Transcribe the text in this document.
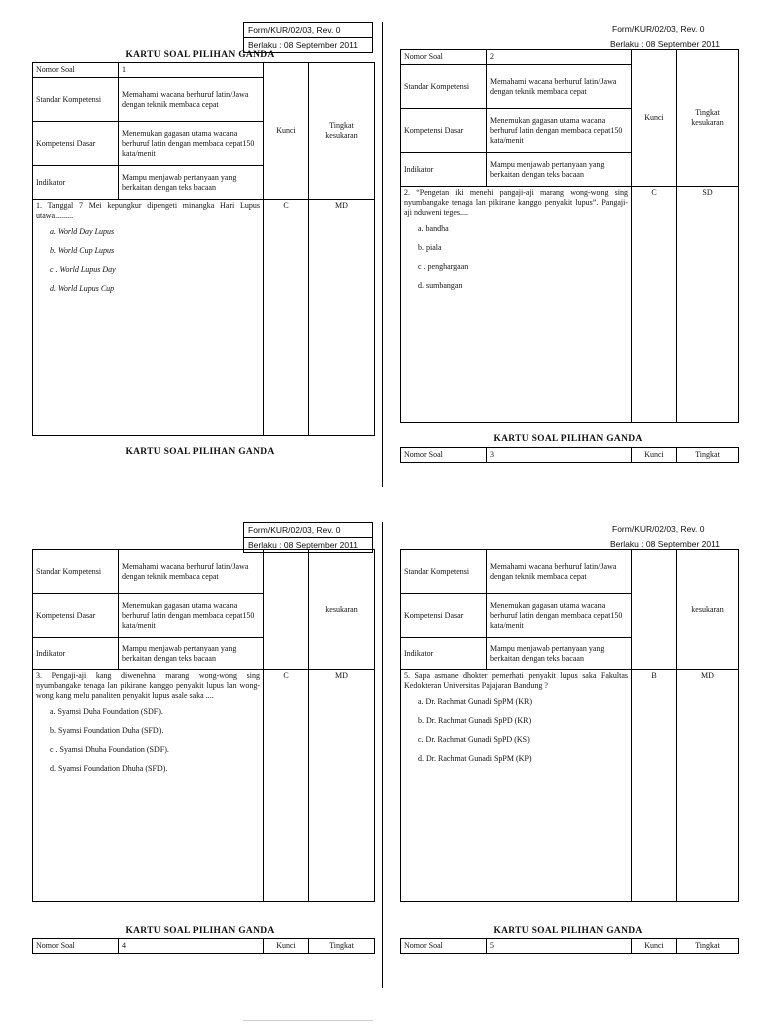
Form/KUR/02/03, Rev. 0
Berlaku : 08 September 2011
KARTU SOAL PILIHAN GANDA
Nomor Soal	1	Kunci	Tingkat kesukaran
Standar Kompetensi	Memahami wacana berhuruf latin/Jawa dengan teknik membaca cepat		
Kompetensi Dasar	Menemukan gagasan utama wacana berhuruf latin dengan membaca cepat150 kata/menit		
Indikator	Mampu menjawab pertanyaan yang berkaitan dengan teks bacaan		

1. Tanggal 7 Mei kepungkur dipengeti minangka Hari Lupus utawa.........
a. World Day Lupus
b. World Cup Lupus
c . World Lupus Day
d. World Lupus Cup		C	MD
KARTU SOAL PILIHAN GANDA
Form/KUR/02/03, Rev. 0
Berlaku : 08 September 2011
Nomor Soal	2	Kunci	Tingkat kesukaran
Standar Kompetensi	Memahami wacana berhuruf latin/Jawa dengan teknik membaca cepat		
Kompetensi Dasar	Menemukan gagasan utama wacana berhuruf latin dengan membaca cepat150 kata/menit		
Indikator	Mampu menjawab pertanyaan yang berkaitan dengan teks bacaan		

2. “Pengetan iki menehi pangaji-aji marang wong-wong sing nyumbangake tenaga lan pikirane kanggo penyakit lupus”. Pangaji-aji nduweni teges....
a. bandha
b. piala
c . penghargaan
d. sumbangan		C	SD
KARTU SOAL PILIHAN GANDA
Nomor Soal	3	Kunci	Tingkat
Form/KUR/02/03, Rev. 0
Berlaku : 08 September 2011
Standar Kompetensi	Memahami wacana berhuruf latin/Jawa dengan teknik membaca cepat		kesukaran
Kompetensi Dasar	Menemukan gagasan utama wacana berhuruf latin dengan membaca cepat150 kata/menit		
Indikator	Mampu menjawab pertanyaan yang berkaitan dengan teks bacaan		

3. Pengaji-aji kang diwenehna marang wong-wong sing nyumbangake tenaga lan pikirane kanggo penyakit lupus lan wong-wong kang melu panaliten penyakit lupus asale saka ....
a. Syamsi Duha Foundation (SDF).
b. Syamsi Foundation Duha (SFD).
c . Syamsi Dhuha Foundation (SDF).
d. Syamsi Foundation Dhuha (SFD).		C	MD
KARTU SOAL PILIHAN GANDA
Nomor Soal	4	Kunci	Tingkat
Form/KUR/02/03, Rev. 0
Berlaku : 08 September 2011
Standar Kompetensi	Memahami wacana berhuruf latin/Jawa dengan teknik membaca cepat		kesukaran
Kompetensi Dasar	Menemukan gagasan utama wacana berhuruf latin dengan membaca cepat150 kata/menit		
Indikator	Mampu menjawab pertanyaan yang berkaitan dengan teks bacaan		

5. Sapa asmane dhokter pemerhati penyakit lupus saka Fakultas Kedokteran Universitas Pajajaran Bandung ?
a. Dr. Rachmat Gunadi SpPM (KR)
b. Dr. Rachmat Gunadi SpPD (KR)
c. Dr. Rachmat Gunadi SpPD (KS)
d. Dr. Rachmat Gunadi SpPM (KP)		B	MD
KARTU SOAL PILIHAN GANDA
Nomor Soal	5	Kunci	Tingkat
